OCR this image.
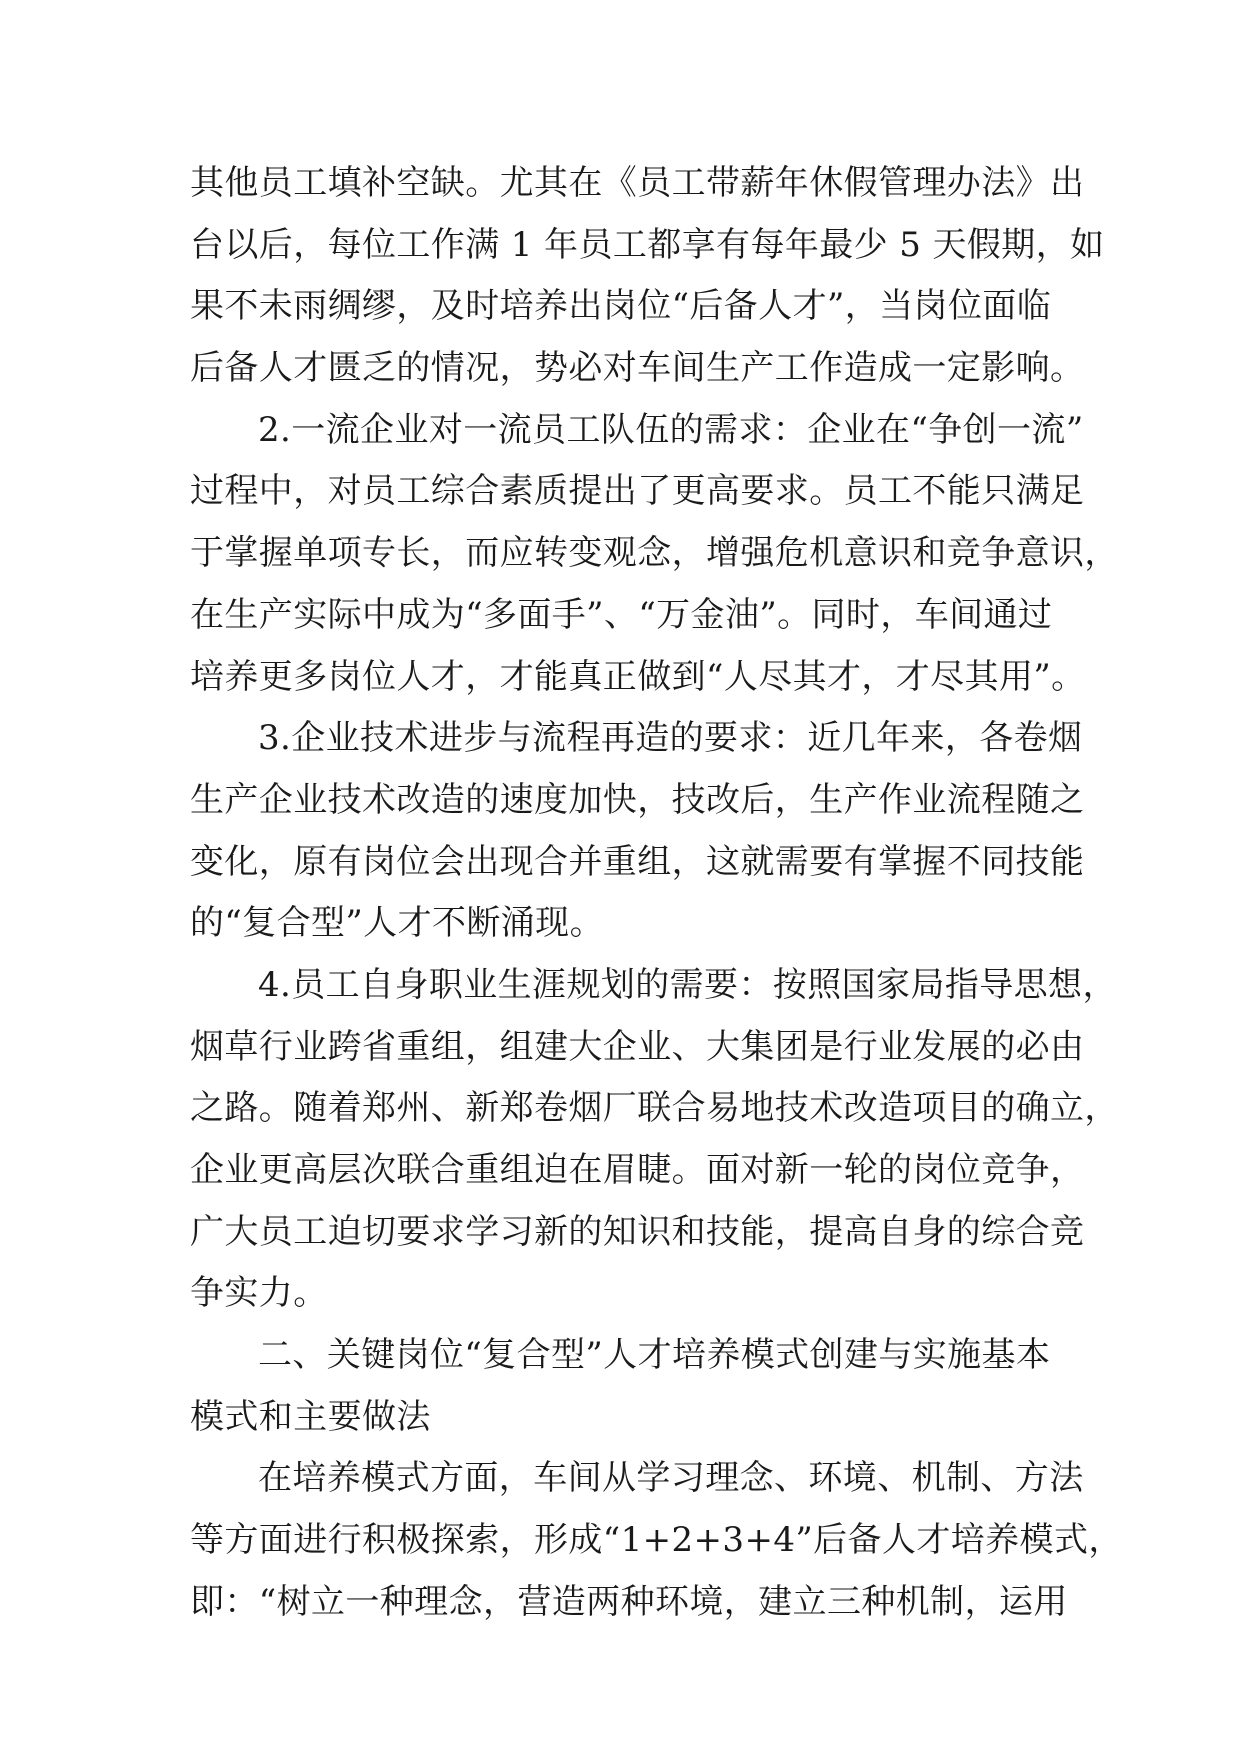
其他员工填补空缺。尤其在《员工带薪年休假管理办法》出
台以后，每位工作满 1 年员工都享有每年最少 5 天假期，如
果不未雨绸缪，及时培养出岗位“后备人才”，当岗位面临
后备人才匮乏的情况，势必对车间生产工作造成一定影响。
2.一流企业对一流员工队伍的需求：企业在“争创一流”
过程中，对员工综合素质提出了更高要求。员工不能只满足
于掌握单项专长，而应转变观念，增强危机意识和竞争意识，
在生产实际中成为“多面手”、“万金油”。同时，车间通过
培养更多岗位人才，才能真正做到“人尽其才，才尽其用”。
3.企业技术进步与流程再造的要求：近几年来，各卷烟
生产企业技术改造的速度加快，技改后，生产作业流程随之
变化，原有岗位会出现合并重组，这就需要有掌握不同技能
的“复合型”人才不断涌现。
4.员工自身职业生涯规划的需要：按照国家局指导思想，
烟草行业跨省重组，组建大企业、大集团是行业发展的必由
之路。随着郑州、新郑卷烟厂联合易地技术改造项目的确立，
企业更高层次联合重组迫在眉睫。面对新一轮的岗位竞争，
广大员工迫切要求学习新的知识和技能，提高自身的综合竞
争实力。
二、关键岗位“复合型”人才培养模式创建与实施基本
模式和主要做法
在培养模式方面，车间从学习理念、环境、机制、方法
等方面进行积极探索，形成“1+2+3+4”后备人才培养模式，
即：“树立一种理念，营造两种环境，建立三种机制，运用
